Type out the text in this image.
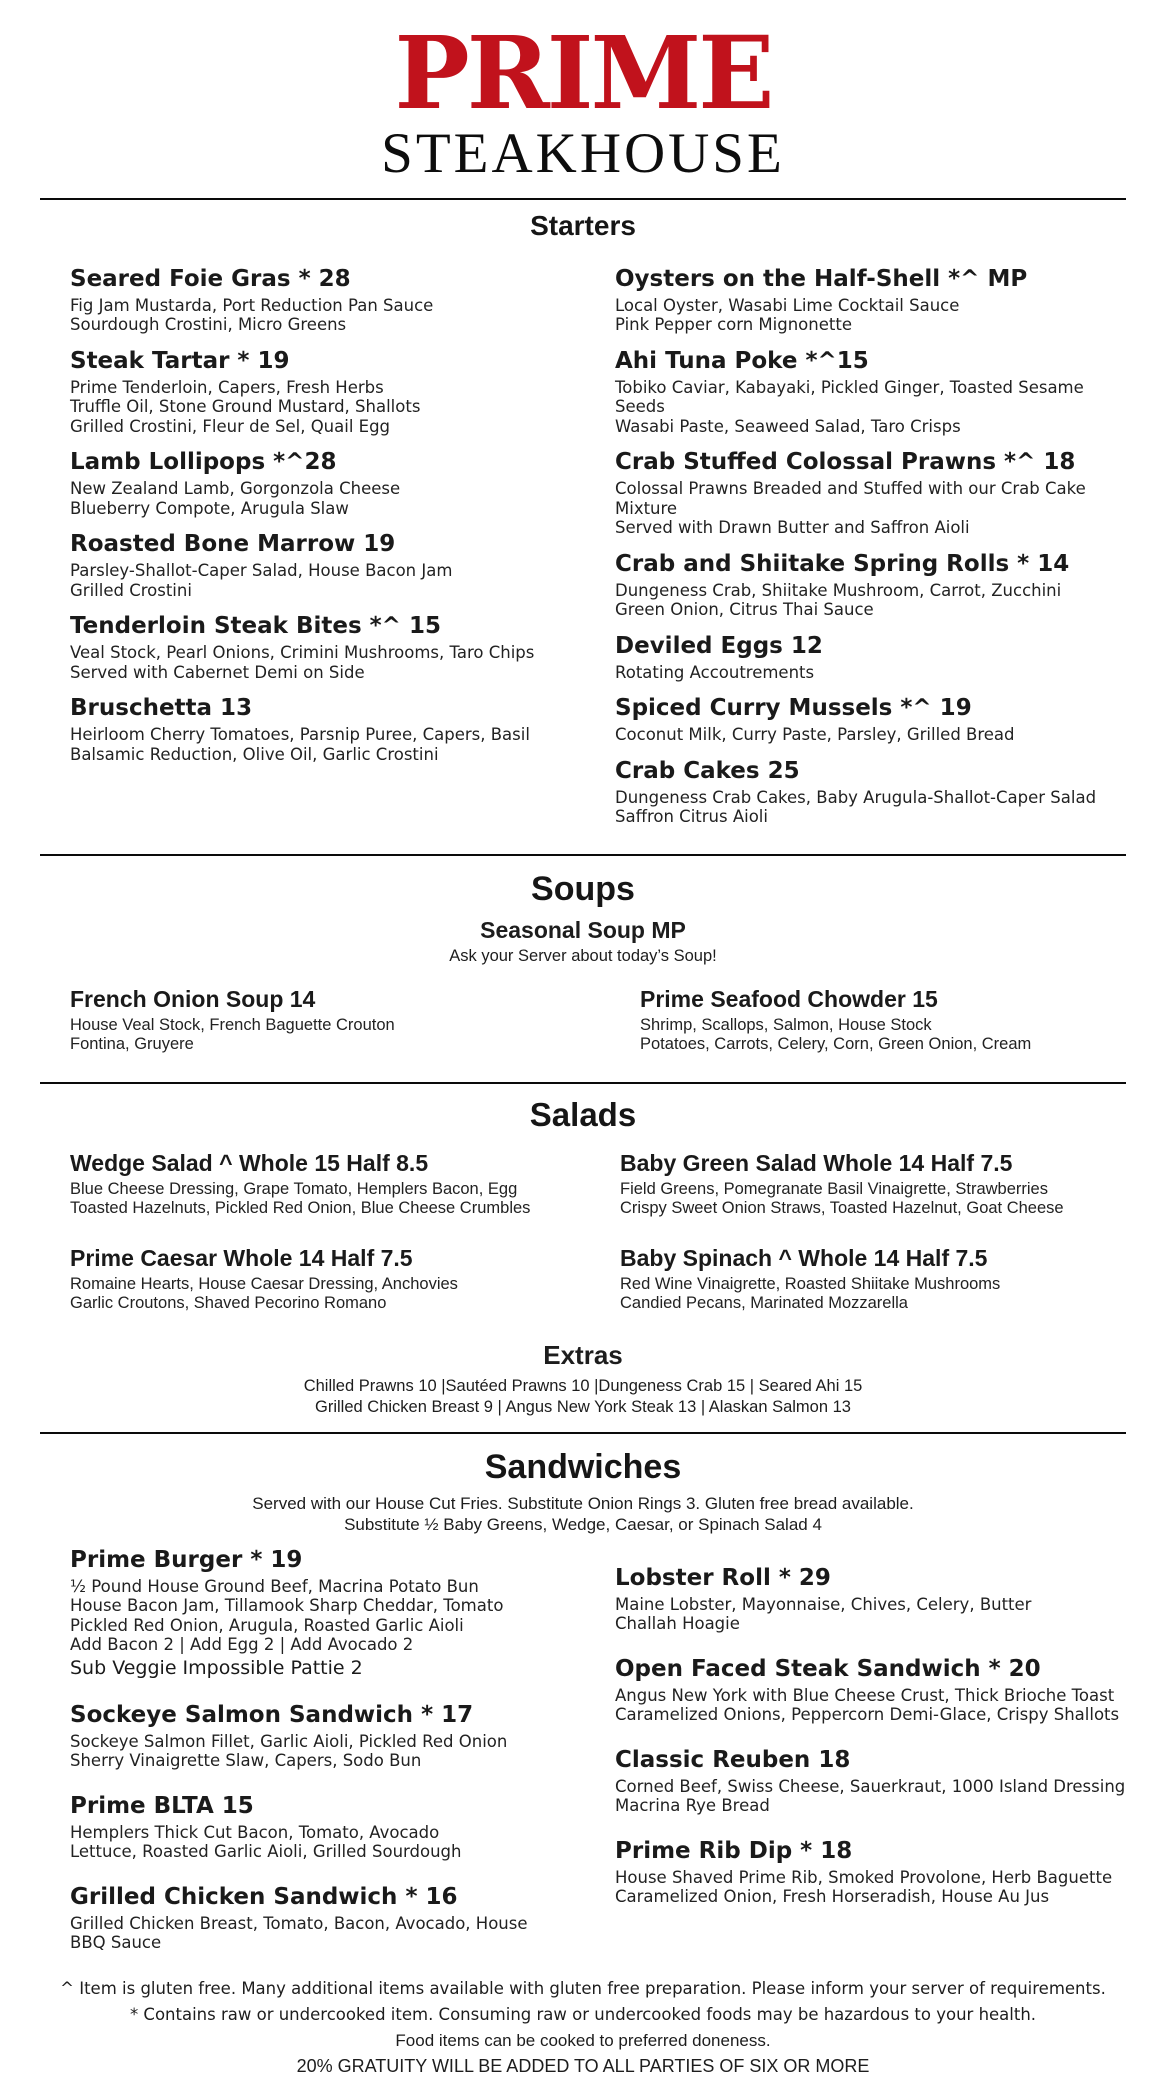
PRIME
STEAKHOUSE
Starters
Seared Foie Gras * 28
Fig Jam Mustarda, Port Reduction Pan Sauce
Sourdough Crostini, Micro Greens
Steak Tartar * 19
Prime Tenderloin, Capers, Fresh Herbs
Truffle Oil, Stone Ground Mustard, Shallots
Grilled Crostini, Fleur de Sel, Quail Egg
Lamb Lollipops *^28
New Zealand Lamb, Gorgonzola Cheese
Blueberry Compote, Arugula Slaw
Roasted Bone Marrow 19
Parsley-Shallot-Caper Salad, House Bacon Jam
Grilled Crostini
Tenderloin Steak Bites *^ 15
Veal Stock, Pearl Onions, Crimini Mushrooms, Taro Chips
Served with Cabernet Demi on Side
Bruschetta 13
Heirloom Cherry Tomatoes, Parsnip Puree, Capers, Basil
Balsamic Reduction, Olive Oil, Garlic Crostini
Oysters on the Half-Shell *^ MP
Local Oyster, Wasabi Lime Cocktail Sauce
Pink Pepper corn Mignonette
Ahi Tuna Poke *^15
Tobiko Caviar, Kabayaki, Pickled Ginger, Toasted Sesame Seeds
Wasabi Paste, Seaweed Salad, Taro Crisps
Crab Stuffed Colossal Prawns *^ 18
Colossal Prawns Breaded and Stuffed with our Crab Cake Mixture
Served with Drawn Butter and Saffron Aioli
Crab and Shiitake Spring Rolls * 14
Dungeness Crab, Shiitake Mushroom, Carrot, Zucchini
Green Onion, Citrus Thai Sauce
Deviled Eggs 12
Rotating Accoutrements
Spiced Curry Mussels *^ 19
Coconut Milk, Curry Paste, Parsley, Grilled Bread
Crab Cakes 25
Dungeness Crab Cakes, Baby Arugula-Shallot-Caper Salad
Saffron Citrus Aioli
Soups
Seasonal Soup MP
Ask your Server about today’s Soup!
French Onion Soup 14
House Veal Stock, French Baguette Crouton
Fontina, Gruyere
Prime Seafood Chowder 15
Shrimp, Scallops, Salmon, House Stock
Potatoes, Carrots, Celery, Corn, Green Onion, Cream
Salads
Wedge Salad ^ Whole 15 Half 8.5
Blue Cheese Dressing, Grape Tomato, Hemplers Bacon, Egg
Toasted Hazelnuts, Pickled Red Onion, Blue Cheese Crumbles
Prime Caesar Whole 14 Half 7.5
Romaine Hearts, House Caesar Dressing, Anchovies
Garlic Croutons, Shaved Pecorino Romano
Baby Green Salad Whole 14 Half 7.5
Field Greens, Pomegranate Basil Vinaigrette, Strawberries
Crispy Sweet Onion Straws, Toasted Hazelnut, Goat Cheese
Baby Spinach ^ Whole 14 Half 7.5
Red Wine Vinaigrette, Roasted Shiitake Mushrooms
Candied Pecans, Marinated Mozzarella
Extras
Chilled Prawns 10 |Sautéed Prawns 10 |Dungeness Crab 15 | Seared Ahi 15
Grilled Chicken Breast 9 | Angus New York Steak 13 | Alaskan Salmon 13
Sandwiches
Served with our House Cut Fries. Substitute Onion Rings 3. Gluten free bread available.
Substitute ½ Baby Greens, Wedge, Caesar, or Spinach Salad 4
Prime Burger * 19
½ Pound House Ground Beef, Macrina Potato Bun
House Bacon Jam, Tillamook Sharp Cheddar, Tomato
Pickled Red Onion, Arugula, Roasted Garlic Aioli
Add Bacon 2 | Add Egg 2 | Add Avocado 2
Sub Veggie Impossible Pattie 2
Sockeye Salmon Sandwich * 17
Sockeye Salmon Fillet, Garlic Aioli, Pickled Red Onion
Sherry Vinaigrette Slaw, Capers, Sodo Bun
Prime BLTA 15
Hemplers Thick Cut Bacon, Tomato, Avocado
Lettuce, Roasted Garlic Aioli, Grilled Sourdough
Grilled Chicken Sandwich * 16
Grilled Chicken Breast, Tomato, Bacon, Avocado, House BBQ Sauce
Lobster Roll * 29
Maine Lobster, Mayonnaise, Chives, Celery, Butter
Challah Hoagie
Open Faced Steak Sandwich * 20
Angus New York with Blue Cheese Crust, Thick Brioche Toast
Caramelized Onions, Peppercorn Demi-Glace, Crispy Shallots
Classic Reuben 18
Corned Beef, Swiss Cheese, Sauerkraut, 1000 Island Dressing
Macrina Rye Bread
Prime Rib Dip * 18
House Shaved Prime Rib, Smoked Provolone, Herb Baguette
Caramelized Onion, Fresh Horseradish, House Au Jus
^ Item is gluten free. Many additional items available with gluten free preparation. Please inform your server of requirements.
* Contains raw or undercooked item. Consuming raw or undercooked foods may be hazardous to your health.
Food items can be cooked to preferred doneness.
20% GRATUITY WILL BE ADDED TO ALL PARTIES OF SIX OR MORE
